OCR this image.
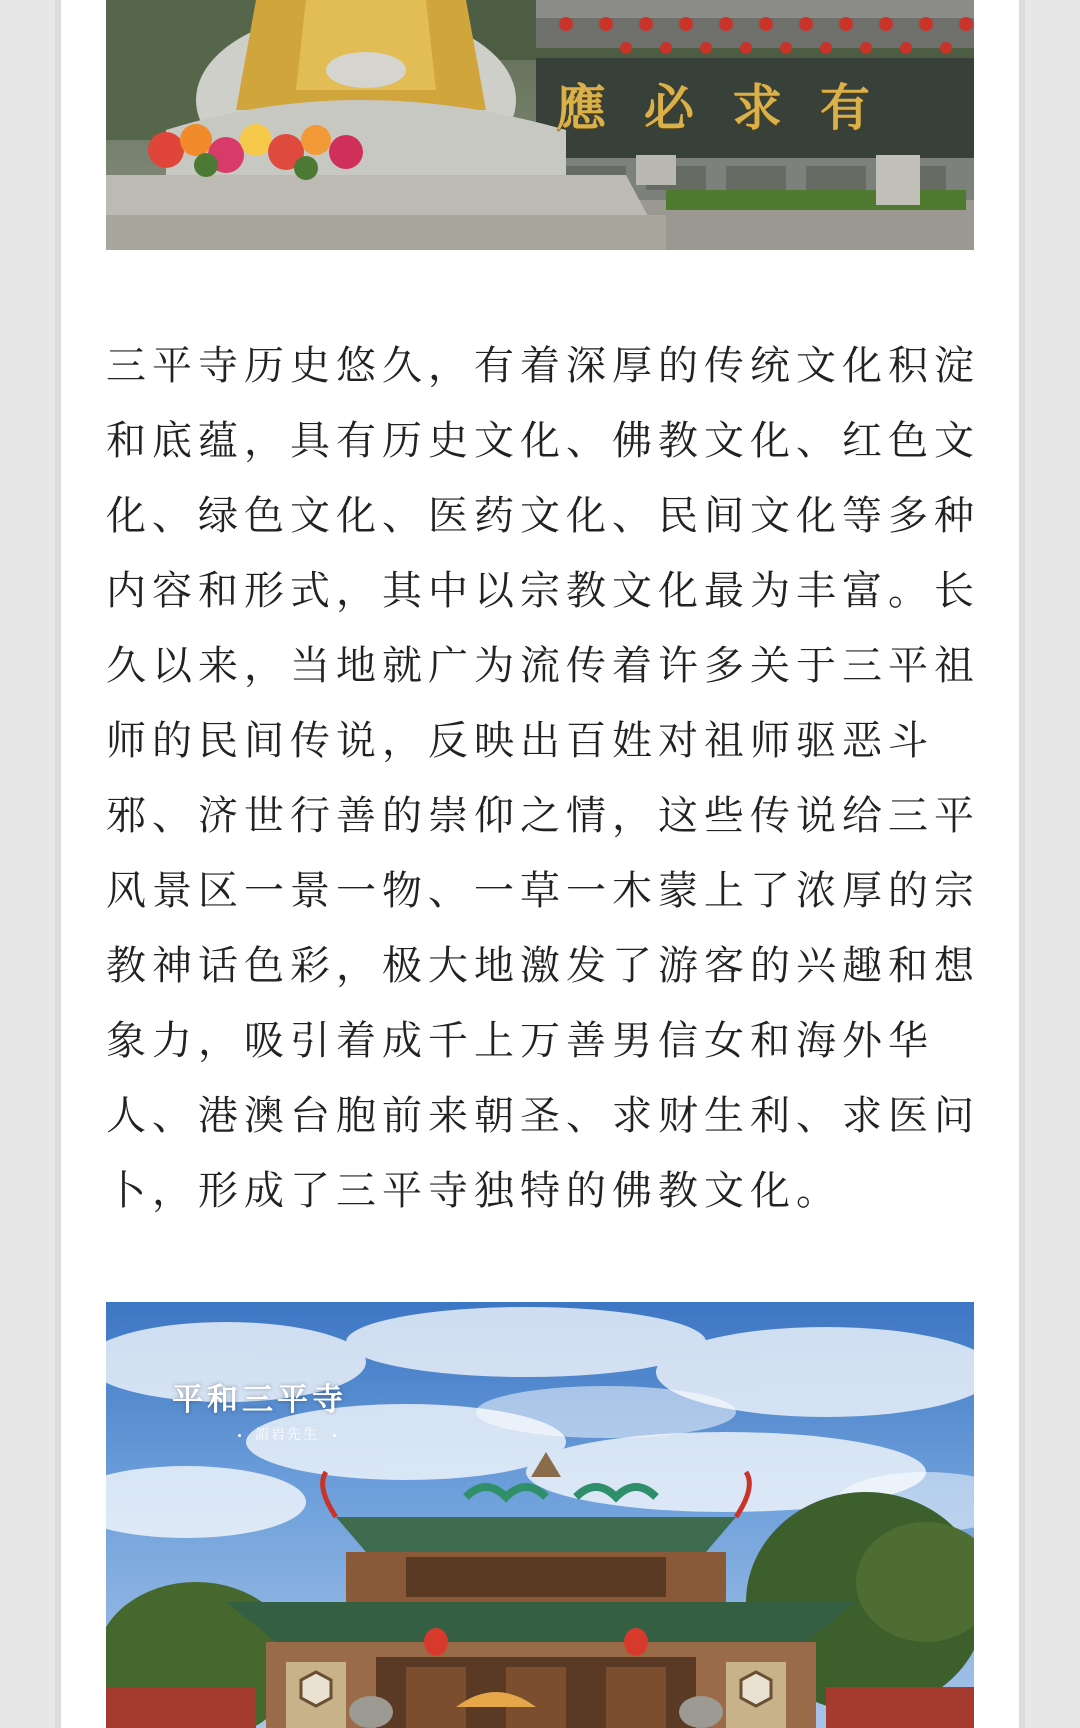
應 必 求 有
三平寺历史悠久，有着深厚的传统文化积淀
和底蕴，具有历史文化、佛教文化、红色文
化、绿色文化、医药文化、民间文化等多种
内容和形式，其中以宗教文化最为丰富。长
久以来，当地就广为流传着许多关于三平祖
师的民间传说，反映出百姓对祖师驱恶斗
邪、济世行善的崇仰之情，这些传说给三平
风景区一景一物、一草一木蒙上了浓厚的宗
教神话色彩，极大地激发了游客的兴趣和想
象力，吸引着成千上万善男信女和海外华
人、港澳台胞前来朝圣、求财生利、求医问
卜，形成了三平寺独特的佛教文化。
平和三平寺
詔岩先生
